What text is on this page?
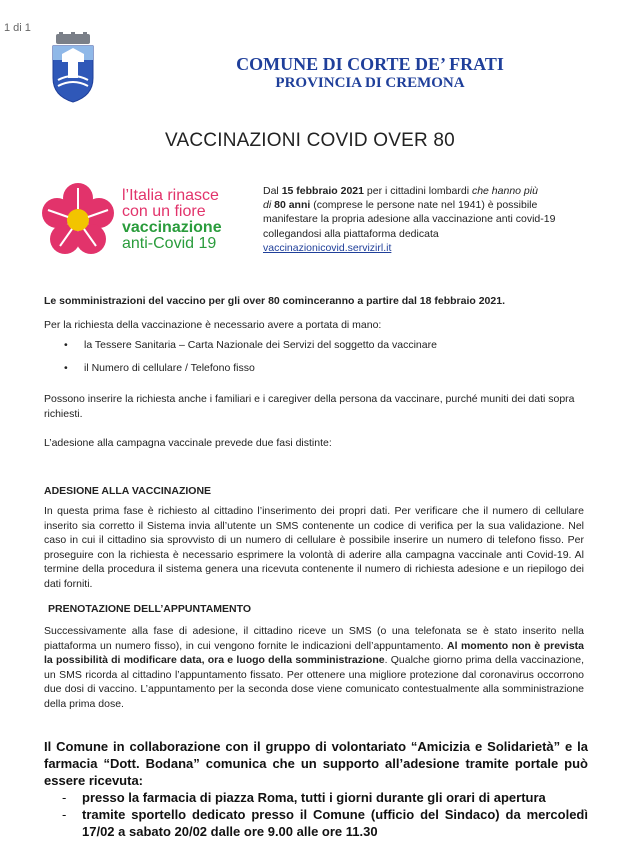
1 di 1
COMUNE DI CORTE DE’ FRATI
PROVINCIA DI CREMONA
VACCINAZIONI COVID OVER 80
l’Italia rinasce
con un fiore
vaccinazione
anti-Covid 19
Dal 15 febbraio 2021 per i cittadini lombardi che hanno più
di 80 anni (comprese le persone nate nel 1941) è possibile manifestare la propria adesione alla vaccinazione anti covid-19 collegandosi alla piattaforma dedicata vaccinazionicovid.servizirl.it
Le somministrazioni del vaccino per gli over 80 cominceranno a partire dal 18 febbraio 2021.
Per la richiesta della vaccinazione è necessario avere a portata di mano:
• la Tessere Sanitaria – Carta Nazionale dei Servizi del soggetto da vaccinare
• il Numero di cellulare / Telefono fisso
Possono inserire la richiesta anche i familiari e i caregiver della persona da vaccinare, purché muniti dei dati sopra richiesti.
L’adesione alla campagna vaccinale prevede due fasi distinte:
ADESIONE ALLA VACCINAZIONE
In questa prima fase è richiesto al cittadino l’inserimento dei propri dati. Per verificare che il numero di cellulare inserito sia corretto il Sistema invia all’utente un SMS contenente un codice di verifica per la sua validazione. Nel caso in cui il cittadino sia sprovvisto di un numero di cellulare è possibile inserire un numero di telefono fisso. Per proseguire con la richiesta è necessario esprimere la volontà di aderire alla campagna vaccinale anti Covid-19. Al termine della procedura il sistema genera una ricevuta contenente il numero di richiesta adesione e un riepilogo dei dati forniti.
PRENOTAZIONE DELL’APPUNTAMENTO
Successivamente alla fase di adesione, il cittadino riceve un SMS (o una telefonata se è stato inserito nella piattaforma un numero fisso), in cui vengono fornite le indicazioni dell’appuntamento. Al momento non è prevista la possibilità di modificare data, ora e luogo della somministrazione. Qualche giorno prima della vaccinazione, un SMS ricorda al cittadino l’appuntamento fissato. Per ottenere una migliore protezione dal coronavirus occorrono due dosi di vaccino. L’appuntamento per la seconda dose viene comunicato contestualmente alla somministrazione della prima dose.
Il Comune in collaborazione con il gruppo di volontariato “Amicizia e Solidarietà” e la farmacia “Dott. Bodana” comunica che un supporto all’adesione tramite portale può essere ricevuta:
- presso la farmacia di piazza Roma, tutti i giorni durante gli orari di apertura
- tramite sportello dedicato presso il Comune (ufficio del Sindaco) da mercoledì 17/02 a sabato 20/02 dalle ore 9.00 alle ore 11.30
